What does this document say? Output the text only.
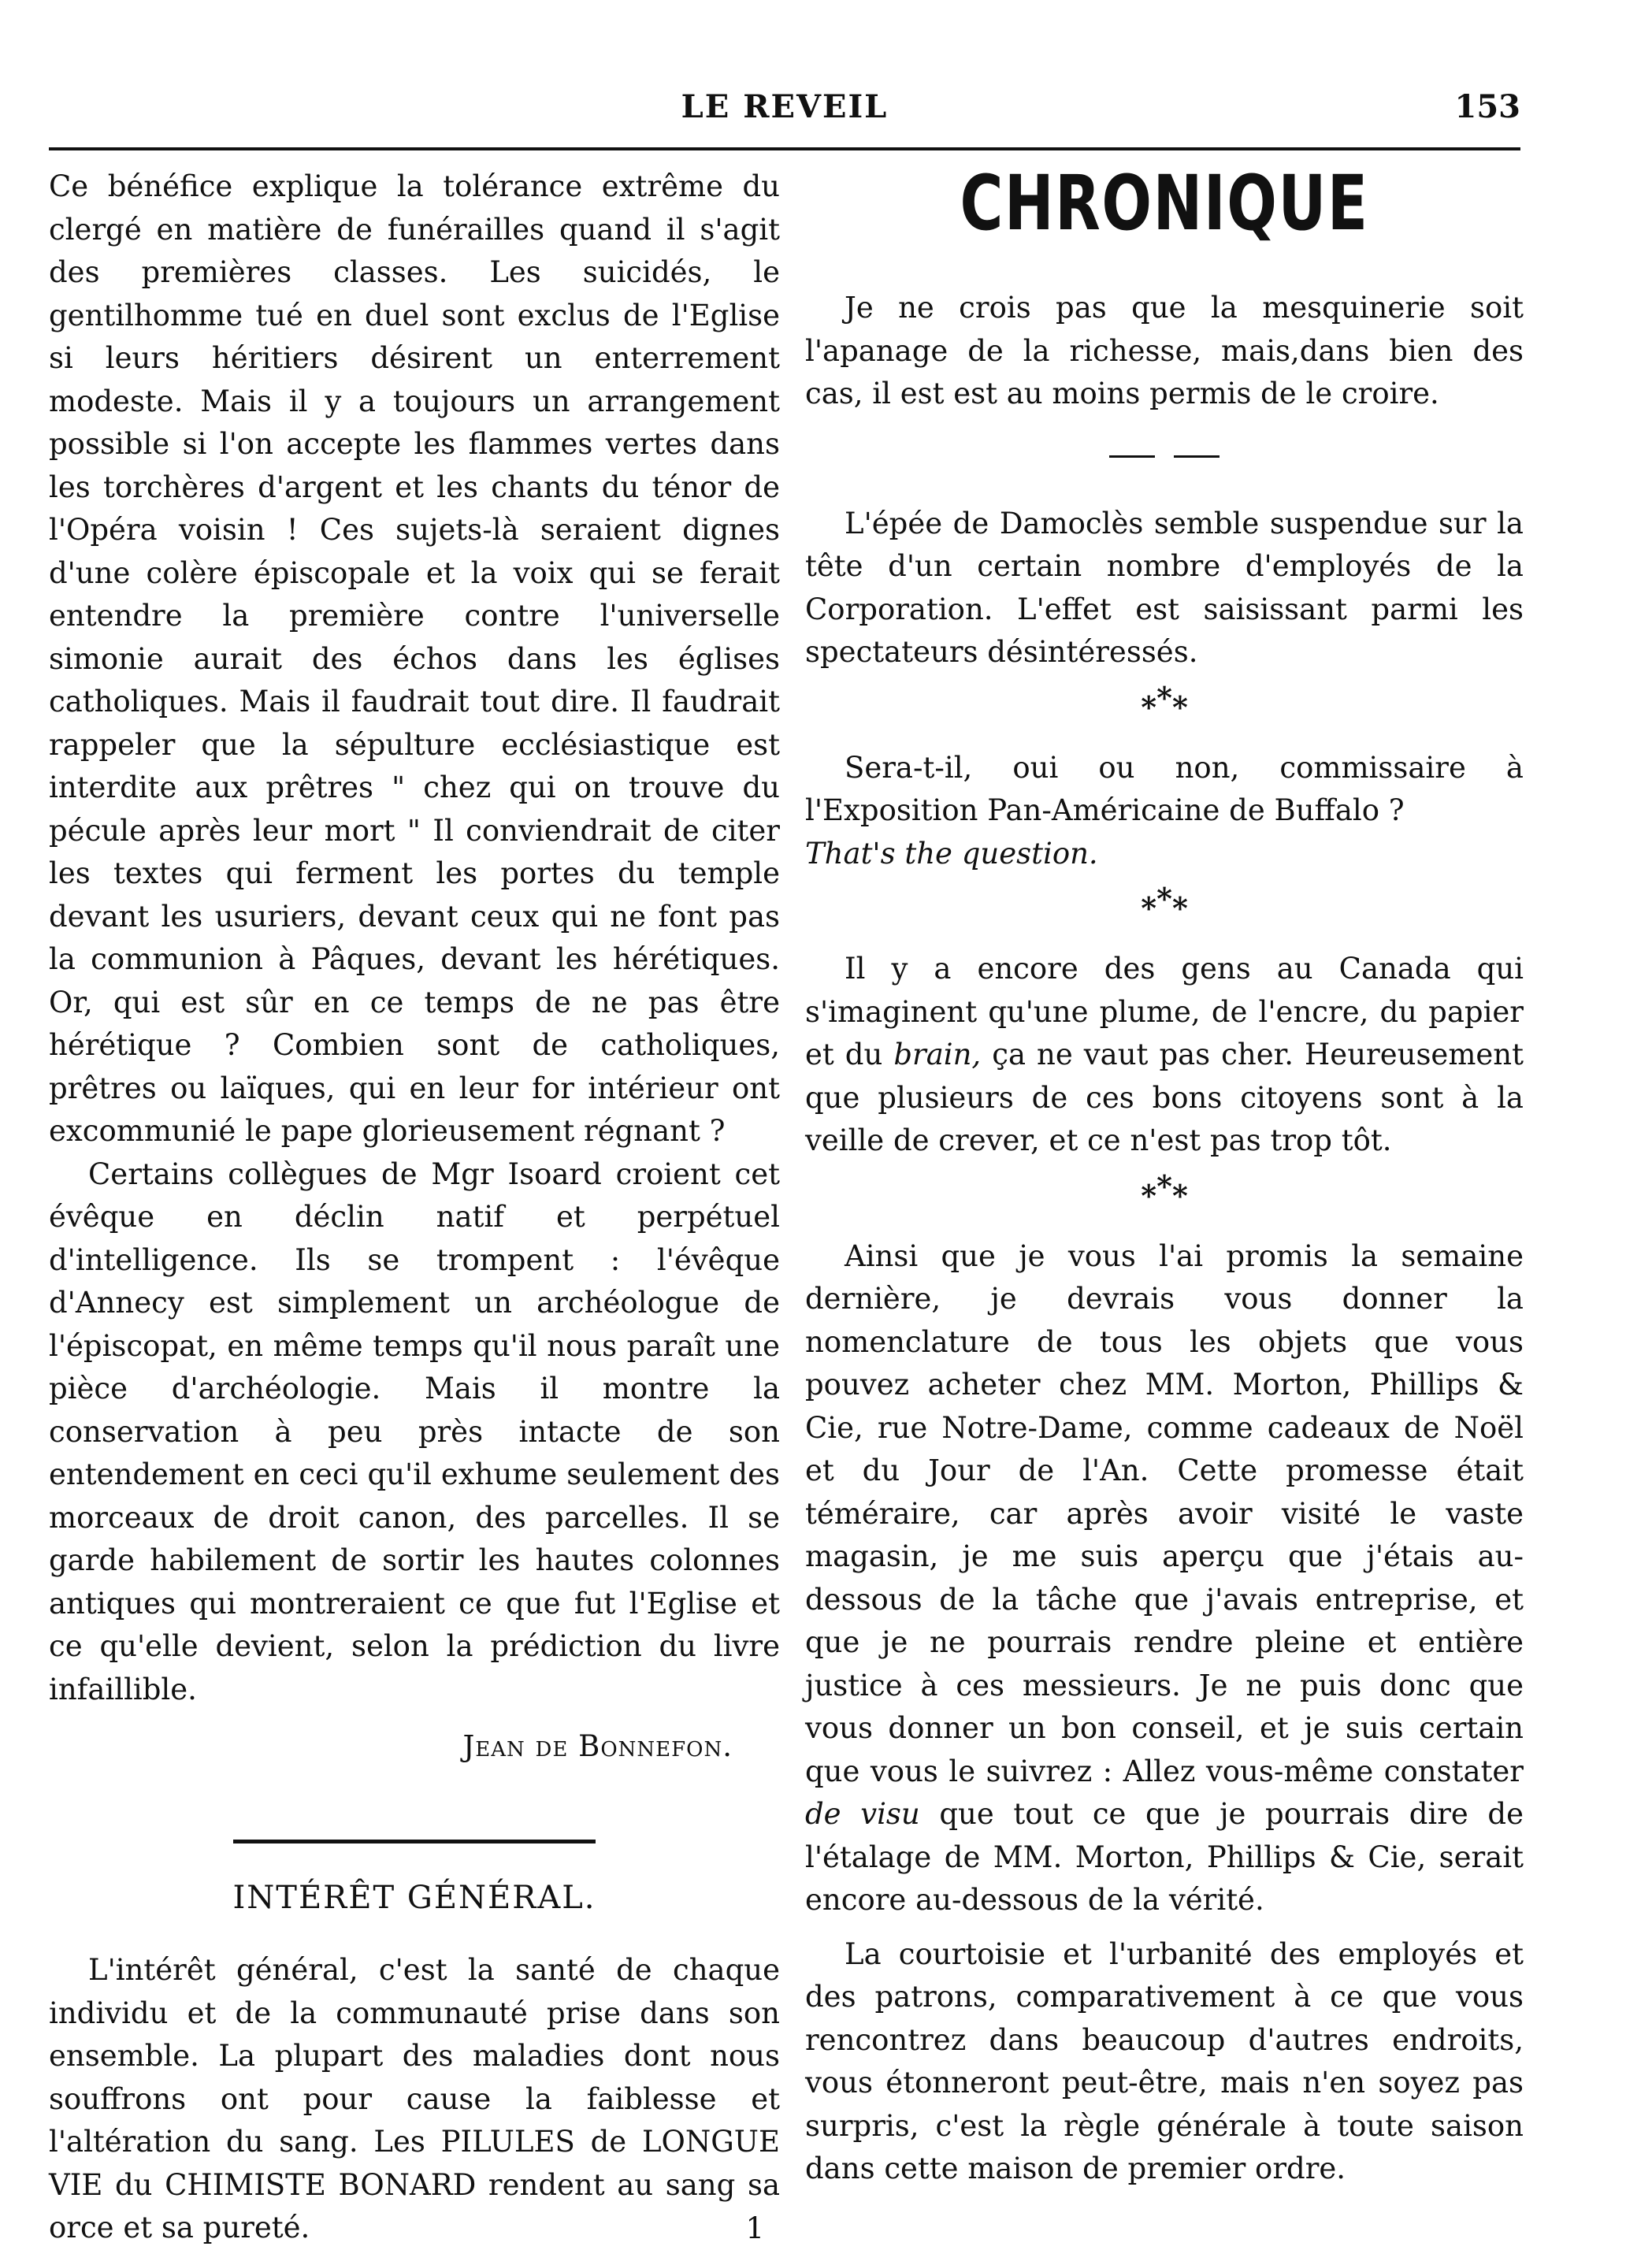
LE REVEIL	153

Ce bénéfice explique la tolérance extrême du clergé en matière de funérailles quand il s'agit des premières classes. Les suicidés, le gentilhomme tué en duel sont exclus de l'Eglise si leurs héritiers désirent un enterrement modeste. Mais il y a toujours un arrangement possible si l'on accepte les flammes vertes dans les torchères d'argent et les chants du ténor de l'Opéra voisin ! Ces sujets-là seraient dignes d'une colère épiscopale et la voix qui se ferait entendre la première contre l'universelle simonie aurait des échos dans les églises catholiques. Mais il faudrait tout dire. Il faudrait rappeler que la sépulture ecclésiastique est interdite aux prêtres " chez qui on trouve du pécule après leur mort " Il conviendrait de citer les textes qui ferment les portes du temple devant les usuriers, devant ceux qui ne font pas la communion à Pâques, devant les hérétiques. Or, qui est sûr en ce temps de ne pas être hérétique ? Combien sont de catholiques, prêtres ou laïques, qui en leur for intérieur ont excommunié le pape glorieusement régnant ?

Certains collègues de Mgr Isoard croient cet évêque en déclin natif et perpétuel d'intelligence. Ils se trompent : l'évêque d'Annecy est simplement un archéologue de l'épiscopat, en même temps qu'il nous paraît une pièce d'archéologie. Mais il montre la conservation à peu près intacte de son entendement en ceci qu'il exhume seulement des morceaux de droit canon, des parcelles. Il se garde habilement de sortir les hautes colonnes antiques qui montreraient ce que fut l'Eglise et ce qu'elle devient, selon la prédiction du livre infaillible.

Jean de Bonnefon.
INTÉRÊT GÉNÉRAL.

L'intérêt général, c'est la santé de chaque individu et de la communauté prise dans son ensemble. La plupart des maladies dont nous souffrons ont pour cause la faiblesse et l'altération du sang. Les PILULES de LONGUE VIE du CHIMISTE BONARD rendent au sang sa orce et sa pureté.	1
CHRONIQUE

Je ne crois pas que la mesquinerie soit l'apanage de la richesse, mais,dans bien des cas, il est est au moins permis de le croire.

L'épée de Damoclès semble suspendue sur la tête d'un certain nombre d'employés de la Corporation. L'effet est saisissant parmi les spectateurs désintéressés.

***

Sera-t-il, oui ou non, commissaire à l'Exposition Pan-Américaine de Buffalo ?

That's the question.

***

Il y a encore des gens au Canada qui s'imaginent qu'une plume, de l'encre, du papier et du brain, ça ne vaut pas cher. Heureusement que plusieurs de ces bons citoyens sont à la veille de crever, et ce n'est pas trop tôt.

***

Ainsi que je vous l'ai promis la semaine dernière, je devrais vous donner la nomenclature de tous les objets que vous pouvez acheter chez MM. Morton, Phillips & Cie, rue Notre-Dame, comme cadeaux de Noël et du Jour de l'An. Cette promesse était téméraire, car après avoir visité le vaste magasin, je me suis aperçu que j'étais au-dessous de la tâche que j'avais entreprise, et que je ne pourrais rendre pleine et entière justice à ces messieurs. Je ne puis donc que vous donner un bon conseil, et je suis certain que vous le suivrez : Allez vous-même constater de visu que tout ce que je pourrais dire de l'étalage de MM. Morton, Phillips & Cie, serait encore au-dessous de la vérité.

La courtoisie et l'urbanité des employés et des patrons, comparativement à ce que vous rencontrez dans beaucoup d'autres endroits, vous étonneront peut-être, mais n'en soyez pas surpris, c'est la règle générale à toute saison dans cette maison de premier ordre.
